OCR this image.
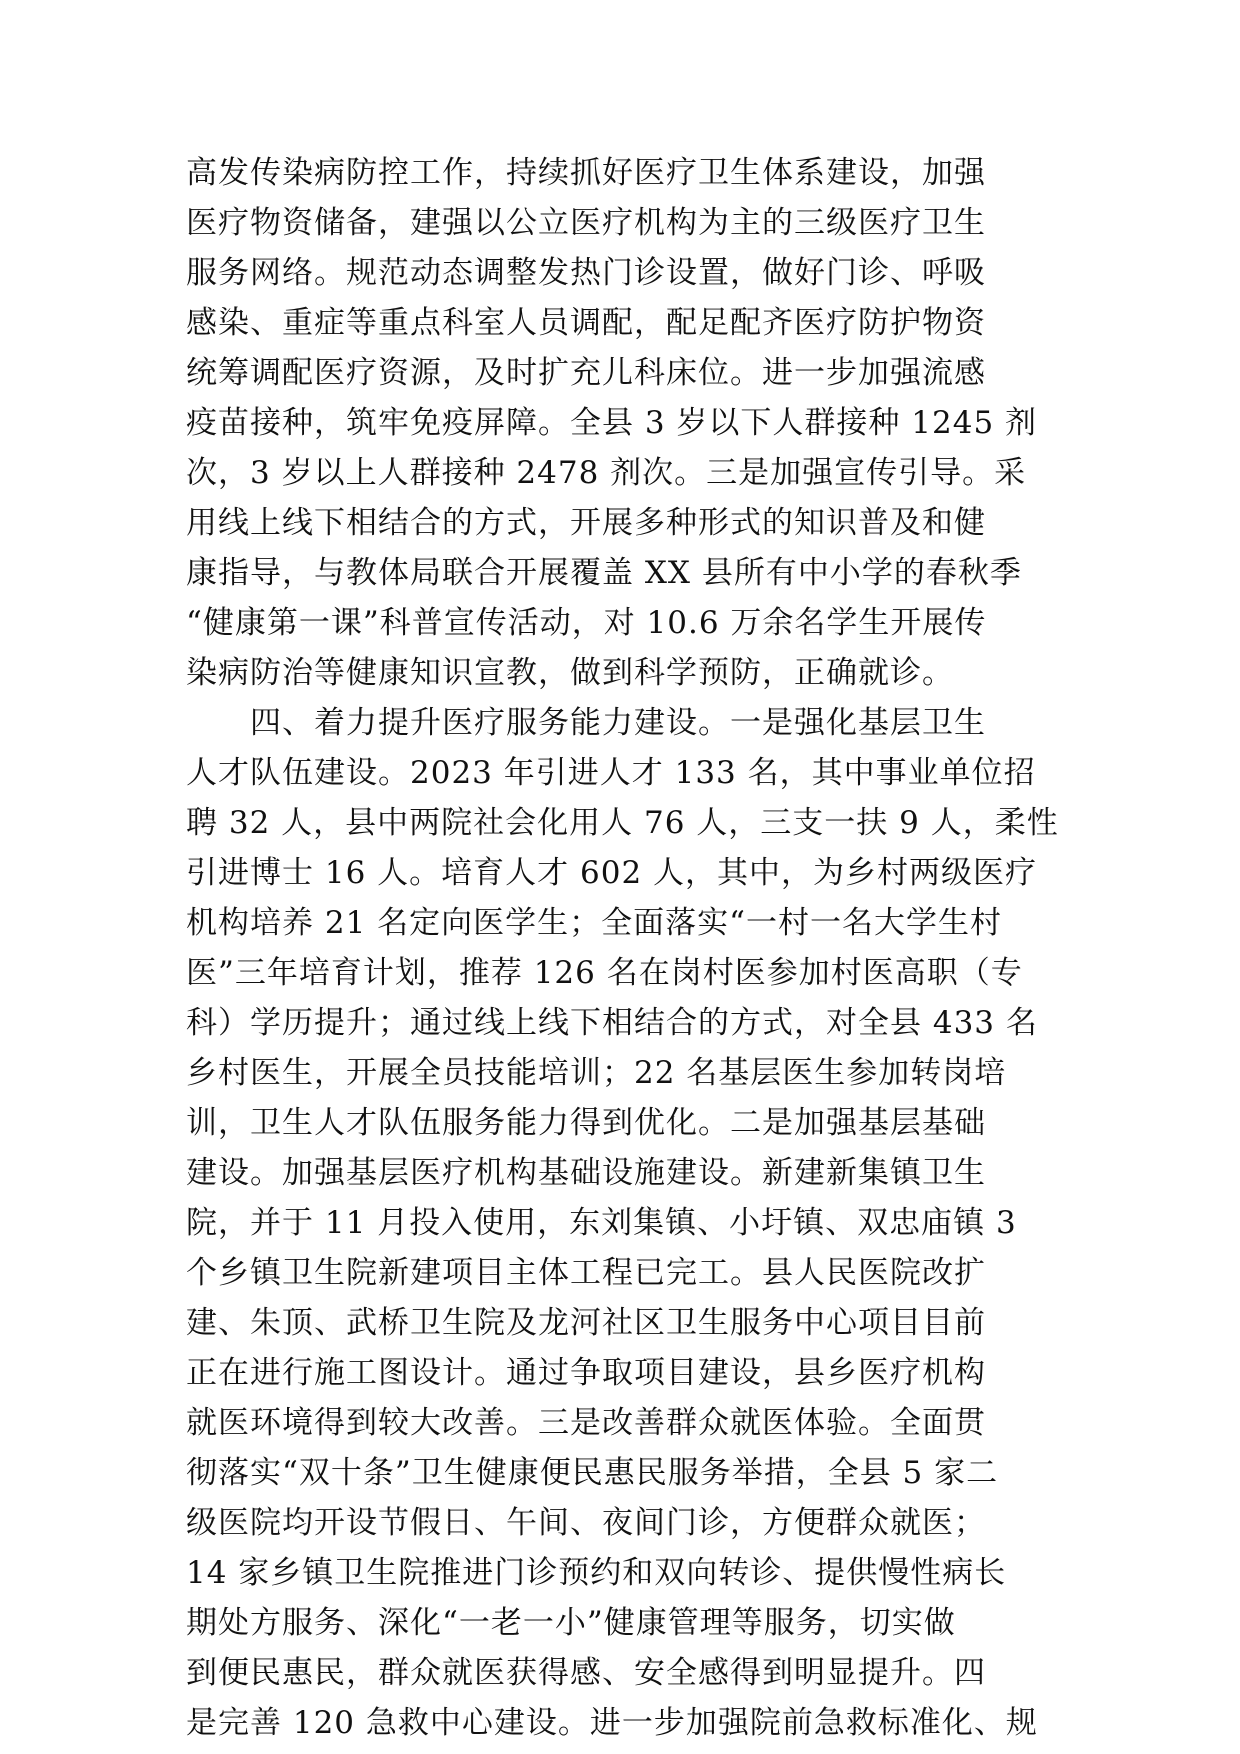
高发传染病防控工作，持续抓好医疗卫生体系建设，加强
医疗物资储备，建强以公立医疗机构为主的三级医疗卫生
服务网络。规范动态调整发热门诊设置，做好门诊、呼吸
感染、重症等重点科室人员调配，配足配齐医疗防护物资
统筹调配医疗资源，及时扩充儿科床位。进一步加强流感
疫苗接种，筑牢免疫屏障。全县 3 岁以下人群接种 1245 剂
次，3 岁以上人群接种 2478 剂次。三是加强宣传引导。采
用线上线下相结合的方式，开展多种形式的知识普及和健
康指导，与教体局联合开展覆盖 XX 县所有中小学的春秋季
“健康第一课”科普宣传活动，对 10.6 万余名学生开展传
染病防治等健康知识宣教，做到科学预防，正确就诊。
四、着力提升医疗服务能力建设。一是强化基层卫生
人才队伍建设。2023 年引进人才 133 名，其中事业单位招
聘 32 人，县中两院社会化用人 76 人，三支一扶 9 人，柔性
引进博士 16 人。培育人才 602 人，其中，为乡村两级医疗
机构培养 21 名定向医学生；全面落实“一村一名大学生村
医”三年培育计划，推荐 126 名在岗村医参加村医高职（专
科）学历提升；通过线上线下相结合的方式，对全县 433 名
乡村医生，开展全员技能培训；22 名基层医生参加转岗培
训，卫生人才队伍服务能力得到优化。二是加强基层基础
建设。加强基层医疗机构基础设施建设。新建新集镇卫生
院，并于 11 月投入使用，东刘集镇、小圩镇、双忠庙镇 3
个乡镇卫生院新建项目主体工程已完工。县人民医院改扩
建、朱顶、武桥卫生院及龙河社区卫生服务中心项目目前
正在进行施工图设计。通过争取项目建设，县乡医疗机构
就医环境得到较大改善。三是改善群众就医体验。全面贯
彻落实“双十条”卫生健康便民惠民服务举措，全县 5 家二
级医院均开设节假日、午间、夜间门诊，方便群众就医；
14 家乡镇卫生院推进门诊预约和双向转诊、提供慢性病长
期处方服务、深化“一老一小”健康管理等服务，切实做
到便民惠民，群众就医获得感、安全感得到明显提升。四
是完善 120 急救中心建设。进一步加强院前急救标准化、规
